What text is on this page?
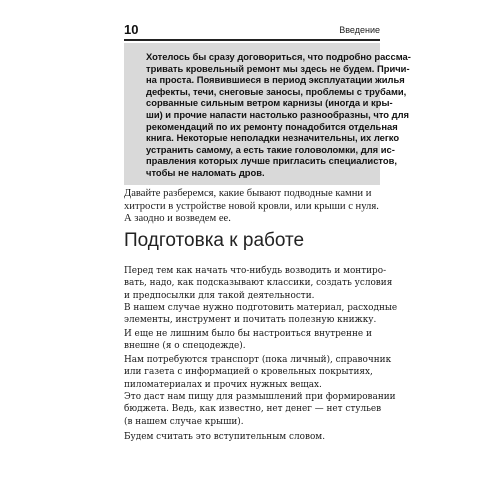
10	Введение
Хотелось бы сразу договориться, что подробно рассма-
тривать кровельный ремонт мы здесь не будем. Причи-
на проста. Появившиеся в период эксплуатации жилья
дефекты, течи, снеговые заносы, проблемы с трубами,
сорванные сильным ветром карнизы (иногда и кры-
ши) и прочие напасти настолько разнообразны, что для
рекомендаций по их ремонту понадобится отдельная
книга. Некоторые неполадки незначительны, их легко
устранить самому, а есть такие головоломки, для ис-
правления которых лучше пригласить специалистов,
чтобы не наломать дров.
Давайте разберемся, какие бывают подводные камни и
хитрости в устройстве новой кровли, или крыши с нуля.
А заодно и возведем ее.
Подготовка к работе
Перед тем как начать что-нибудь возводить и монтиро-
вать, надо, как подсказывают классики, создать условия
и предпосылки для такой деятельности.
В нашем случае нужно подготовить материал, расходные
элементы, инструмент и почитать полезную книжку.
И еще не лишним было бы настроиться внутренне и
внешне (я о спецодежде).
Нам потребуются транспорт (пока личный), справочник
или газета с информацией о кровельных покрытиях,
пиломатериалах и прочих нужных вещах.
Это даст нам пищу для размышлений при формировании
бюджета. Ведь, как известно, нет денег — нет стульев
(в нашем случае крыши).
Будем считать это вступительным словом.
